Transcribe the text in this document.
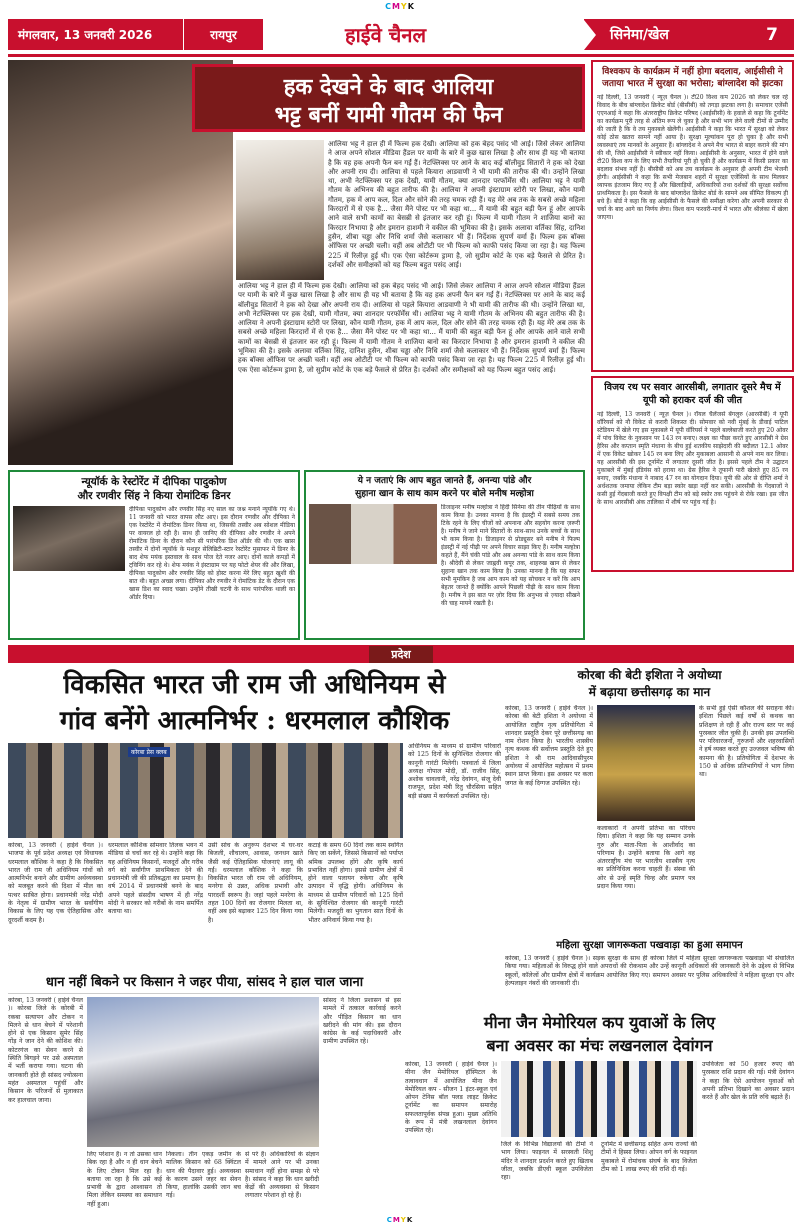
CMYK
मंगलवार, 13 जनवरी 2026	रायपुर	हाईवे चैनल	सिनेमा/खेल	7
हक देखने के बाद आलिया
भट्ट बनीं यामी गौतम की फैन
आलिया भट्ट ने हाल ही में फिल्म हक देखी। आलिया को हक बेहद पसंद भी आई। जिसे लेकर आलिया ने आज अपने सोशल मीडिया हैंडल पर यामी के बारे में कुछ खास लिखा है और साथ ही यह भी बताया है कि वह हक अपनी फैन बन गईं हैं। नेटफ्लिक्स पर आने के बाद कई बॉलीवुड सितारों ने हक को देखा और अपनी राय दी। आलिया से पहले कियारा आडवाणी ने भी यामी की तारीफ की थी। उन्होंने लिखा था, अभी नेटफ्लिक्स पर हक देखी, यामी गौतम, क्या शानदार परफॉर्मेंस थी। आलिया भट्ट ने यामी गौतम के अभिनय की बहुत तारीफ की है। आलिया ने अपनी इंस्टाग्राम स्टोरी पर लिखा, कौन यामी गौतम, हक में आप कल, दिल और सोने की तरह चमक रही हैं। यह मेरे अब तक के सबसे अच्छे महिला किरदारों में से एक है... जैसा मैंने पोस्ट पर भी कहा था... मैं यामी की बहुत बड़ी फैन हूं और आपके आने वाले सभी कामों का बेसब्री से इंतजार कर रही हूं। फिल्म में यामी गौतम ने शाजिया बानो का किरदार निभाया है और इमरान हाशमी ने वकील की भूमिका की है। इसके अलावा वर्तिका सिंह, दानिश हुसैन, शीबा चड्ढा और निधि शर्मा जैसे कलाकार भी हैं। निर्देशक सुपर्ण वर्मा हैं। फिल्म हक बॉक्स ऑफिस पर अच्छी चली। वहीं अब ओटीटी पर भी फिल्म को काफी पसंद किया जा रहा है। यह फिल्म 225 में रिलीज़ हुई थी। एक ऐसा कोर्टरूम ड्रामा है, जो सुप्रीम कोर्ट के एक बड़े फैसले से प्रेरित है। दर्शकों और समीक्षकों को यह फिल्म बहुत पसंद आई।
आलिया भट्ट ने हाल ही में फिल्म हक देखी। आलिया को हक बेहद पसंद भी आई। जिसे लेकर आलिया ने आज अपने सोशल मीडिया हैंडल पर यामी के बारे में कुछ खास लिखा है और साथ ही यह भी बताया है कि वह हक अपनी फैन बन गईं हैं। नेटफ्लिक्स पर आने के बाद कई बॉलीवुड सितारों ने हक को देखा और अपनी राय दी। आलिया से पहले कियारा आडवाणी ने भी यामी की तारीफ की थी। उन्होंने लिखा था, अभी नेटफ्लिक्स पर हक देखी, यामी गौतम, क्या शानदार परफॉर्मेंस थी। आलिया भट्ट ने यामी गौतम के अभिनय की बहुत तारीफ की है। आलिया ने अपनी इंस्टाग्राम स्टोरी पर लिखा, कौन यामी गौतम, हक में आप कल, दिल और सोने की तरह चमक रही हैं। यह मेरे अब तक के सबसे अच्छे महिला किरदारों में से एक है... जैसा मैंने पोस्ट पर भी कहा था... मैं यामी की बहुत बड़ी फैन हूं और आपके आने वाले सभी कामों का बेसब्री से इंतजार कर रही हूं। फिल्म में यामी गौतम ने शाजिया बानो का किरदार निभाया है और इमरान हाशमी ने वकील की भूमिका की है। इसके अलावा वर्तिका सिंह, दानिश हुसैन, शीबा चड्ढा और निधि शर्मा जैसे कलाकार भी हैं। निर्देशक सुपर्ण वर्मा हैं। फिल्म हक बॉक्स ऑफिस पर अच्छी चली। वहीं अब ओटीटी पर भी फिल्म को काफी पसंद किया जा रहा है। यह फिल्म 225 में रिलीज़ हुई थी। एक ऐसा कोर्टरूम ड्रामा है, जो सुप्रीम कोर्ट के एक बड़े फैसले से प्रेरित है। दर्शकों और समीक्षकों को यह फिल्म बहुत पसंद आई।
विश्वकप के कार्यक्रम में नहीं होगा बदलाव, आईसीसी ने जताया भारत में सुरक्षा का भरोसा; बांग्लादेश को झटका
नई दिल्ली, 13 जनवरी ( न्यूज़ चैनल )। टी20 विश्व कप 2026 को लेकर चल रहे विवाद के बीच बांग्लादेश क्रिकेट बोर्ड (बीसीबी) को तगड़ा झटका लगा है। समाचार एजेंसी एएनआई ने कहा कि अंतरराष्ट्रीय क्रिकेट परिषद (आईसीसी) के हवाले से कहा कि टूर्नामेंट का कार्यक्रम पूरी तरह से अंतिम रूप ले चुका है और सभी भाग लेने वाली टीमों से उम्मीद की जाती है कि वे तय मुकाबले खेलेंगी। आईसीसी ने कहा कि भारत में सुरक्षा को लेकर कोई ठोस खतरा सामने नहीं आया है। सुरक्षा मूल्यांकन पूरा हो चुका है और सभी व्यवस्थाएं तय मानकों के अनुसार हैं। बांग्लादेश ने अपने मैच भारत से बाहर कराने की मांग की थी, जिसे आईसीसी ने स्वीकार नहीं किया। आईसीसी के अनुसार, भारत में होने वाले टी20 विश्व कप के लिए सभी तैयारियां पूरी हो चुकी हैं और कार्यक्रम में किसी प्रकार का बदलाव संभव नहीं है। बीसीबी को अब तय कार्यक्रम के अनुसार ही अपनी टीम भेजनी होगी। आईसीसी ने कहा कि सभी मेजबान शहरों में सुरक्षा एजेंसियों के साथ मिलकर व्यापक इंतजाम किए गए हैं और खिलाड़ियों, अधिकारियों तथा दर्शकों की सुरक्षा सर्वोच्च प्राथमिकता है। इस फैसले के बाद बांग्लादेश क्रिकेट बोर्ड के सामने अब सीमित विकल्प ही बचे हैं। बोर्ड ने कहा कि वह आईसीसी के फैसले की समीक्षा करेगा और अपनी सरकार से चर्चा के बाद आगे का निर्णय लेगा। विश्व कप फरवरी-मार्च में भारत और श्रीलंका में खेला जाएगा।
विजय रथ पर सवार आरसीबी, लगातार दूसरे मैच में यूपी को हराकर दर्ज की जीत
नई दिल्ली, 13 जनवरी ( न्यूज़ चैनल )। रॉयल चैलेंजर्स बेंगलुरु (आरसीबी) ने यूपी वॉरियर्स को नौ विकेट से करारी शिकस्त दी। सोमवार को नवी मुंबई के डीवाई पाटिल स्टेडियम में खेले गए इस मुकाबले में यूपी वॉरियर्स ने पहले बल्लेबाजी करते हुए 20 ओवर में पांच विकेट के नुकसान पर 143 रन बनाए। लक्ष्य का पीछा करते हुए आरसीबी ने ग्रेस हैरिस और कप्तान स्मृति मंधाना के बीच हुई शतकीय साझेदारी की बदौलत 12.1 ओवर में एक विकेट खोकर 145 रन बना लिए और मुकाबला आसानी से अपने नाम कर लिया। यह आरसीबी की इस टूर्नामेंट में लगातार दूसरी जीत है। इससे पहले टीम ने उद्घाटन मुकाबले में मुंबई इंडियंस को हराया था। ग्रेस हैरिस ने तूफानी पारी खेलते हुए 85 रन बनाए, जबकि मंधाना ने नाबाद 47 रन का योगदान दिया। यूपी की ओर से दीप्ति शर्मा ने अर्धशतक जमाया लेकिन टीम बड़ा स्कोर खड़ा नहीं कर सकी। आरसीबी के गेंदबाजों ने कसी हुई गेंदबाजी करते हुए विपक्षी टीम को बड़े स्कोर तक पहुंचने से रोके रखा। इस जीत के साथ आरसीबी अंक तालिका में शीर्ष पर पहुंच गई है।
न्यूयॉर्क के रेस्टोरेंट में दीपिका पादुकोण
और रणवीर सिंह ने किया रोमांटिक डिनर
दीपिका पादुकोण और रणवीर सिंह नए साल का जश्न मनाने न्यूयॉर्क गए थे। 11 जनवरी को भारत वापस लौट आए। इस दौरान रणवीर और दीपिका ने एक रेस्टोरेंट में रोमांटिक डिनर किया था, जिसकी तस्वीर अब सोशल मीडिया पर वायरल हो रही है। साथ ही जानिए की दीपिका और रणवीर ने अपने रोमांटिक डिनर के दौरान कौन सी पारंपरिक डिश ऑर्डर की थी। एक खास तस्वीर में दोनों न्यूयॉर्क के मशहूर सेलिब्रिटी-स्टार रेस्टोरेंट मुसाफर में डिनर के बाद शेफ मयंक इस्तवाल के साथ पोज देते नजर आए। दोनों काले कपड़ों में ट्विनिंग कर रहे थे। शेफ मयंक ने इंस्टाग्राम पर यह फोटो शेयर की और लिखा, दीपिका पादुकोण और रणवीर सिंह को होस्ट करना मेरे लिए बहुत खुशी की बात थी। बहुत अच्छा लगा। दीपिका और रणवीर ने रोमांटिक डेट के दौरान एक खास डिश का स्वाद चखा। उन्होंने तीखी चटनी के साथ पारंपरिक थाली का ऑर्डर दिया।
ये न जताएं कि आप बहुत जानते हैं, अनन्या पांडे और
सुहाना खान के साथ काम करने पर बोले मनीष मल्होत्रा
डिजाइनर मनीष मल्होत्रा ने हिंदी सिनेमा की तीन पीढ़ियों के साथ काम किया है। उनका मानना है कि इंडस्ट्री में सबसे समय तक टिके रहने के लिए चीजों को अपनाना और सहयोग करना ज़रूरी है। मनीष ने जाने माने सितारों के साथ-साथ उनके बच्चों के साथ भी काम किया है। डिजाइनर से प्रोड्यूसर बने मनीष ने फिल्म इंडस्ट्री में नई पीढ़ी पर अपने विचार साझा किए हैं। मनीष मल्होत्रा कहते हैं, मैंने चंकी पांडे और अब अनन्या पांडे के साथ काम किया है। श्रीदेवी से लेकर जाह्नवी कपूर तक, शाहरुख खान से लेकर सुहाना खान तक काम किया है। उनका मानना है कि यह सफर सभी मुमकिन है जब आप काम को यह सोचकर न करें कि आप बेहतर जानते हैं क्योंकि आपने पिछली पीढ़ी के साथ काम किया है। मनीष ने इस बात पर ज़ोर दिया कि अनुभव से ज़्यादा सीखने की चाह मायने रखती है।
प्रदेश
विकसित भारत जी राम जी अधिनियम से
गांव बनेंगे आत्मनिर्भर : धरमलाल कौशिक
कोरबा प्रेस क्लब
कोरबा, 13 जनवरी ( हाईवे चैनल )। भाजपा के पूर्व प्रदेश अध्यक्ष एवं विधायक धरमलाल कौशिक ने कहा है कि विकसित भारत जी राम जी अधिनियम गांवों को आत्मनिर्भर बनाने और ग्रामीण अर्थव्यवस्था को मजबूत करने की दिशा में मील का पत्थर साबित होगा। प्रधानमंत्री नरेंद्र मोदी के नेतृत्व में ग्रामीण भारत के सर्वांगीण विकास के लिए यह एक ऐतिहासिक और दूरदर्शी कदम है।
धरमलाल कौशिक सोमवार तिलक भवन में मीडिया से चर्चा कर रहे थे। उन्होंने कहा कि यह अधिनियम किसानों, मजदूरों और गरीब वर्ग को सर्वांगीण प्राथमिकता देने की प्रधानमंत्री जी की प्रतिबद्धता का प्रमाण है। वर्ष 2014 में प्रधानमंत्री बनने के बाद अपने पहले संसदीय भाषण में ही नरेंद्र मोदी ने सरकार को गरीबों के नाम समर्पित बताया था।
उसी सोच के अनुरूप देशभर में घर-घर बिजली, शौचालय, आवास, जनधन खाते जैसी कई ऐतिहासिक योजनाएं लागू की गईं। धरमलाल कौशिक ने कहा कि विकसित भारत जी राम जी अधिनियम, मनरेगा से उन्नत, अधिक प्रभावी और पारदर्शी स्वरूप है। जहां पहले मनरेगा के तहत 100 दिनों का रोजगार मिलता था, वहीं अब इसे बढ़ाकर 125 दिन किया गया है।
कटाई के समय 60 दिनों तक काम स्थगित किए जा सकेंगे, जिससे किसानों को पर्याप्त श्रमिक उपलब्ध होंगे और कृषि कार्य प्रभावित नहीं होगा। इससे ग्रामीण क्षेत्रों में होने वाला पलायन रुकेगा और कृषि उत्पादन में वृद्धि होगी। अधिनियम के माध्यम से ग्रामीण परिवारों को 125 दिनों के सुनिश्चित रोजगार की कानूनी गारंटी मिलेगी। मजदूरी का भुगतान सात दिनों के भीतर अनिवार्य किया गया है।
अधिनियम के माध्यम से ग्रामीण परिवारों को 125 दिनों के सुनिश्चित रोजगार की कानूनी गारंटी मिलेगी। पत्रवार्ता में जिला अध्यक्ष गोपाल मोदी, डॉ. राजीव सिंह, अशोक चावलानी, नरेंद्र देवांगन, संजू देवी राजपूत, प्रदेश मंत्री रितु चौरसिया सहित बड़ी संख्या में कार्यकर्ता उपस्थित रहे।
कोरबा की बेटी इशिता ने अयोध्या
में बढ़ाया छत्तीसगढ़ का मान
कोरबा, 13 जनवरी ( हाईवे चैनल )। कोरबा की बेटी इशिता ने अयोध्या में आयोजित राष्ट्रीय नृत्य प्रतियोगिता में शानदार प्रस्तुति देकर पूरे छत्तीसगढ़ का नाम रोशन किया है। भारतीय शास्त्रीय नृत्य कथक की सर्वोत्तम प्रस्तुति देते हुए इशिता ने श्री राम आदिवासीपुरम अयोध्या में आयोजित महोत्सव में प्रथम स्थान प्राप्त किया। इस अवसर पर कला जगत के कई दिग्गज उपस्थित रहे।
कलाकारों ने अपनी प्रतिभा का परिचय दिया। इशिता ने कहा कि यह सम्मान उनके गुरु और माता-पिता के आशीर्वाद का परिणाम है। उन्होंने बताया कि आगे वह अंतरराष्ट्रीय मंच पर भारतीय शास्त्रीय नृत्य का प्रतिनिधित्व करना चाहती हैं। संस्था की ओर से उन्हें स्मृति चिन्ह और प्रमाण पत्र प्रदान किया गया।
के सभी हुई ऐसी कौशल की सराहना की। इशिता पिछले कई वर्षों से कथक का प्रशिक्षण ले रही हैं और राज्य स्तर पर कई पुरस्कार जीत चुकी हैं। उनकी इस उपलब्धि पर परिवारजनों, गुरुजनों और शहरवासियों ने हर्ष व्यक्त करते हुए उज्जवल भविष्य की कामना की है। प्रतियोगिता में देशभर के 150 से अधिक प्रतिभागियों ने भाग लिया था।
महिला सुरक्षा जागरूकता पखवाड़ा का हुआ समापन
कोरबा, 13 जनवरी ( हाईवे चैनल )। सड़क सुरक्षा के साथ ही कोरबा जिले में महिला सुरक्षा जागरूकता पखवाड़ा भी संचालित किया गया। महिलाओं के विरुद्ध होने वाले अपराधों की रोकथाम और उन्हें कानूनी अधिकारों की जानकारी देने के उद्देश्य से विभिन्न स्कूलों, कॉलेजों और ग्रामीण क्षेत्रों में कार्यक्रम आयोजित किए गए। समापन अवसर पर पुलिस अधिकारियों ने महिला सुरक्षा एप और हेल्पलाइन नंबरों की जानकारी दी।
धान नहीं बिकने पर किसान ने जहर पीया, सांसद ने हाल चाल जाना
कोरबा, 13 जनवरी ( हाईवे चैनल )। कोरबा जिले के कोरबी में रकबा सत्यापन और टोकन न मिलने से धान बेचने में परेशानी होने से एक किसान सुमेर सिंह गोंड़ ने जान देने की कोशिश की। कोटरगंज का सेवन करने से स्थिति बिगड़ने पर उसे अस्पताल में भर्ती कराया गया। घटना की जानकारी होते ही सांसद ज्योत्सना महंत अस्पताल पहुंचीं और किसान के परिजनों से मुलाकात कर हालचाल जाना।
लिए परेशान है। न तो उसका धान बिक रहा है और न ही धान बेचने के लिए टोकन मिल रहा है। बताया जा रहा है कि उसे कई प्रभावी के द्वारा आश्वासन तो मिला लेकिन समस्या का समाधान नहीं हुआ।
निकला। तीन एकड़ जमीन के मालिक किसान को 68 क्विंटल धान की पैदावार हुई। अव्यवस्था के कारण उसने जहर का सेवन किया, हालांकि उसकी जान बच गई।
से परे है। अधिकारियों के संज्ञान में मामले आने पर भी उनका समाधान नहीं होना समझ से परे है। सांसद ने कहा कि धान खरीदी केंद्रों की अव्यवस्था से किसान लगातार परेशान हो रहे हैं।
सांसद ने जिला प्रशासन से इस मामले में तत्काल कार्रवाई करने और पीड़ित किसान का धान खरीदने की मांग की। इस दौरान कांग्रेस के कई पदाधिकारी और ग्रामीण उपस्थित रहे।
मीना जैन मेमोरियल कप युवाओं के लिए
बना अवसर का मंचः लखनलाल देवांगन
कोरबा, 13 जनवरी ( हाईवे चैनल )। मीना जैन मेमोरियल हॉस्पिटल के तत्वावधान में आयोजित मीना जैन मेमोरियल कप - सीजन 1 इंटर-स्कूल एवं ओपन टेनिस बॉल फ्लड लाइट क्रिकेट टूर्नामेंट का समापन समारोह सफलतापूर्वक संपन्न हुआ। मुख्य अतिथि के रूप में मंत्री लखनलाल देवांगन उपस्थित रहे।
जिले के विभिन्न विद्यालयों की टीमों ने भाग लिया। फाइनल में सरस्वती शिशु मंदिर ने शानदार प्रदर्शन करते हुए खिताब जीता, जबकि डीएवी स्कूल उपविजेता रहा।
टूर्नामेंट में छत्तीसगढ़ सहित अन्य राज्यों की टीमों ने हिस्सा लिया। ओपन वर्ग के फाइनल मुकाबले में रोमांचक संघर्ष के बाद विजेता टीम को 1 लाख रुपए की राशि दी गई।
उपविजेता को 50 हजार रुपए की पुरस्कार राशि प्रदान की गई। मंत्री देवांगन ने कहा कि ऐसे आयोजन युवाओं को अपनी प्रतिभा दिखाने का अवसर प्रदान करते हैं और खेल के प्रति रुचि बढ़ाते हैं।
CMYK
